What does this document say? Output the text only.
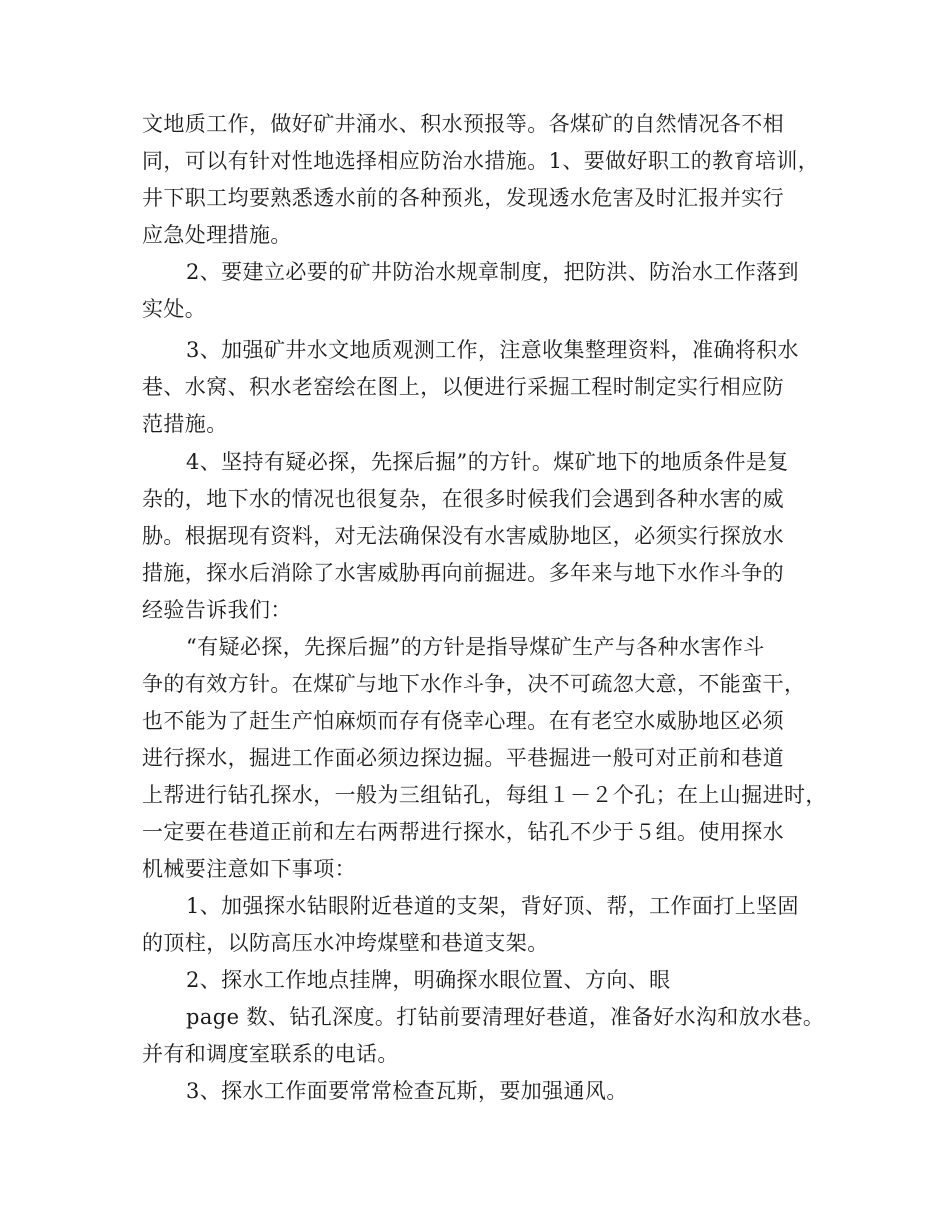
文地质工作，做好矿井涌水、积水预报等。各煤矿的自然情况各不相
同，可以有针对性地选择相应防治水措施。1、要做好职工的教育培训，
井下职工均要熟悉透水前的各种预兆，发现透水危害及时汇报并实行
应急处理措施。
2、要建立必要的矿井防治水规章制度，把防洪、防治水工作落到
实处。
3、加强矿井水文地质观测工作，注意收集整理资料，准确将积水
巷、水窝、积水老窑绘在图上，以便进行采掘工程时制定实行相应防
范措施。
4、坚持有疑必探，先探后掘”的方针。煤矿地下的地质条件是复
杂的，地下水的情况也很复杂，在很多时候我们会遇到各种水害的威
胁。根据现有资料，对无法确保没有水害威胁地区，必须实行探放水
措施，探水后消除了水害威胁再向前掘进。多年来与地下水作斗争的
经验告诉我们：
“有疑必探，先探后掘”的方针是指导煤矿生产与各种水害作斗
争的有效方针。在煤矿与地下水作斗争，决不可疏忽大意，不能蛮干，
也不能为了赶生产怕麻烦而存有侥幸心理。在有老空水威胁地区必须
进行探水，掘进工作面必须边探边掘。平巷掘进一般可对正前和巷道
上帮进行钻孔探水，一般为三组钻孔，每组１－２个孔；在上山掘进时，
一定要在巷道正前和左右两帮进行探水，钻孔不少于５组。使用探水
机械要注意如下事项：
1、加强探水钻眼附近巷道的支架，背好顶、帮，工作面打上坚固
的顶柱，以防高压水冲垮煤壁和巷道支架。
2、探水工作地点挂牌，明确探水眼位置、方向、眼
page 数、钻孔深度。打钻前要清理好巷道，准备好水沟和放水巷。
并有和调度室联系的电话。
3、探水工作面要常常检查瓦斯，要加强通风。
